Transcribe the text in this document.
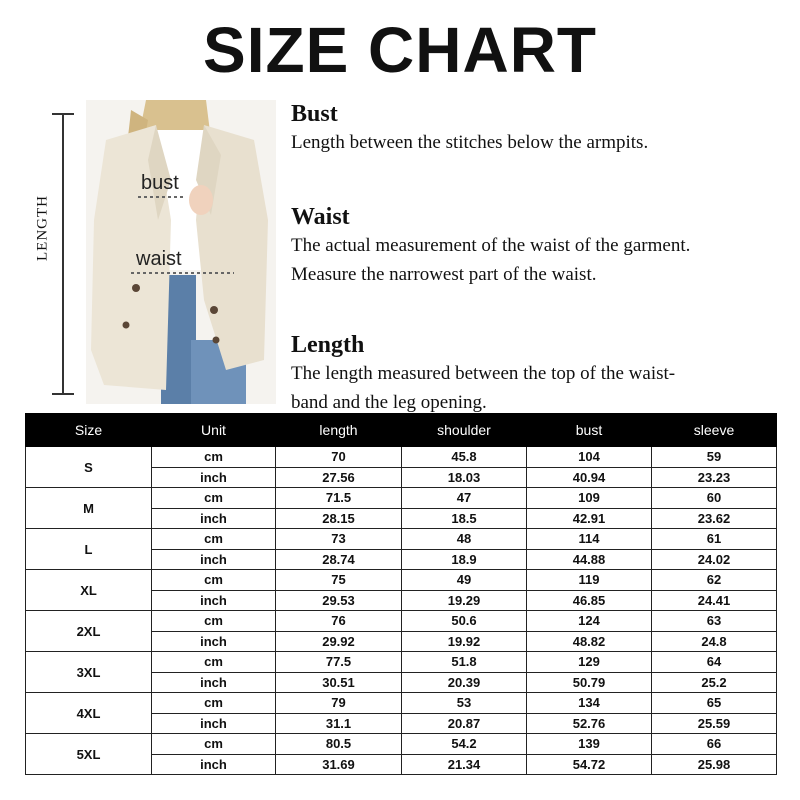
SIZE CHART
LENGTH
bust
waist
Bust

Length between the stitches below the armpits.

Waist

The actual measurement of the waist of the garment.

Measure the narrowest part of the waist.

Length

The length measured between the top of the waist-

band and the leg opening.

Size	Unit	length	shoulder	bust	sleeve
S	cm	70	45.8	104	59
	inch	27.56	18.03	40.94	23.23
M	cm	71.5	47	109	60
	inch	28.15	18.5	42.91	23.62
L	cm	73	48	114	61
	inch	28.74	18.9	44.88	24.02
XL	cm	75	49	119	62
	inch	29.53	19.29	46.85	24.41
2XL	cm	76	50.6	124	63
	inch	29.92	19.92	48.82	24.8
3XL	cm	77.5	51.8	129	64
	inch	30.51	20.39	50.79	25.2
4XL	cm	79	53	134	65
	inch	31.1	20.87	52.76	25.59
5XL	cm	80.5	54.2	139	66
	inch	31.69	21.34	54.72	25.98
